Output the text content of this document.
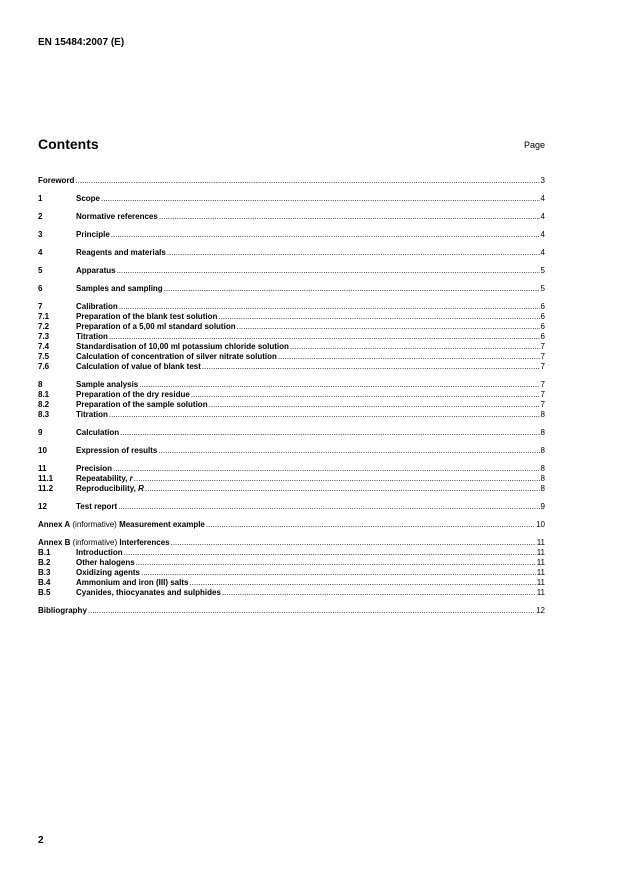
EN 15484:2007 (E)
Contents	Page
Foreword .....	3
1	Scope .....	4
2	Normative references .....	4
3	Principle .....	4
4	Reagents and materials .....	4
5	Apparatus .....	5
6	Samples and sampling .....	5
7	Calibration .....	6
7.1	Preparation of the blank test solution .....	6
7.2	Preparation of a 5,00 ml standard solution .....	6
7.3	Titration .....	6
7.4	Standardisation of 10,00 ml potassium chloride solution .....	7
7.5	Calculation of concentration of silver nitrate solution .....	7
7.6	Calculation of value of blank test .....	7
8	Sample analysis .....	7
8.1	Preparation of the dry residue .....	7
8.2	Preparation of the sample solution .....	7
8.3	Titration .....	8
9	Calculation .....	8
10	Expression of results .....	8
11	Precision .....	8
11.1	Repeatability, r .....	8
11.2	Reproducibility, R .....	8
12	Test report .....	9
Annex A (informative) Measurement example .....	10
Annex B (informative) Interferences .....	11
B.1	Introduction .....	11
B.2	Other halogens .....	11
B.3	Oxidizing agents .....	11
B.4	Ammonium and iron (III) salts .....	11
B.5	Cyanides, thiocyanates and sulphides .....	11
Bibliography .....	12
2
